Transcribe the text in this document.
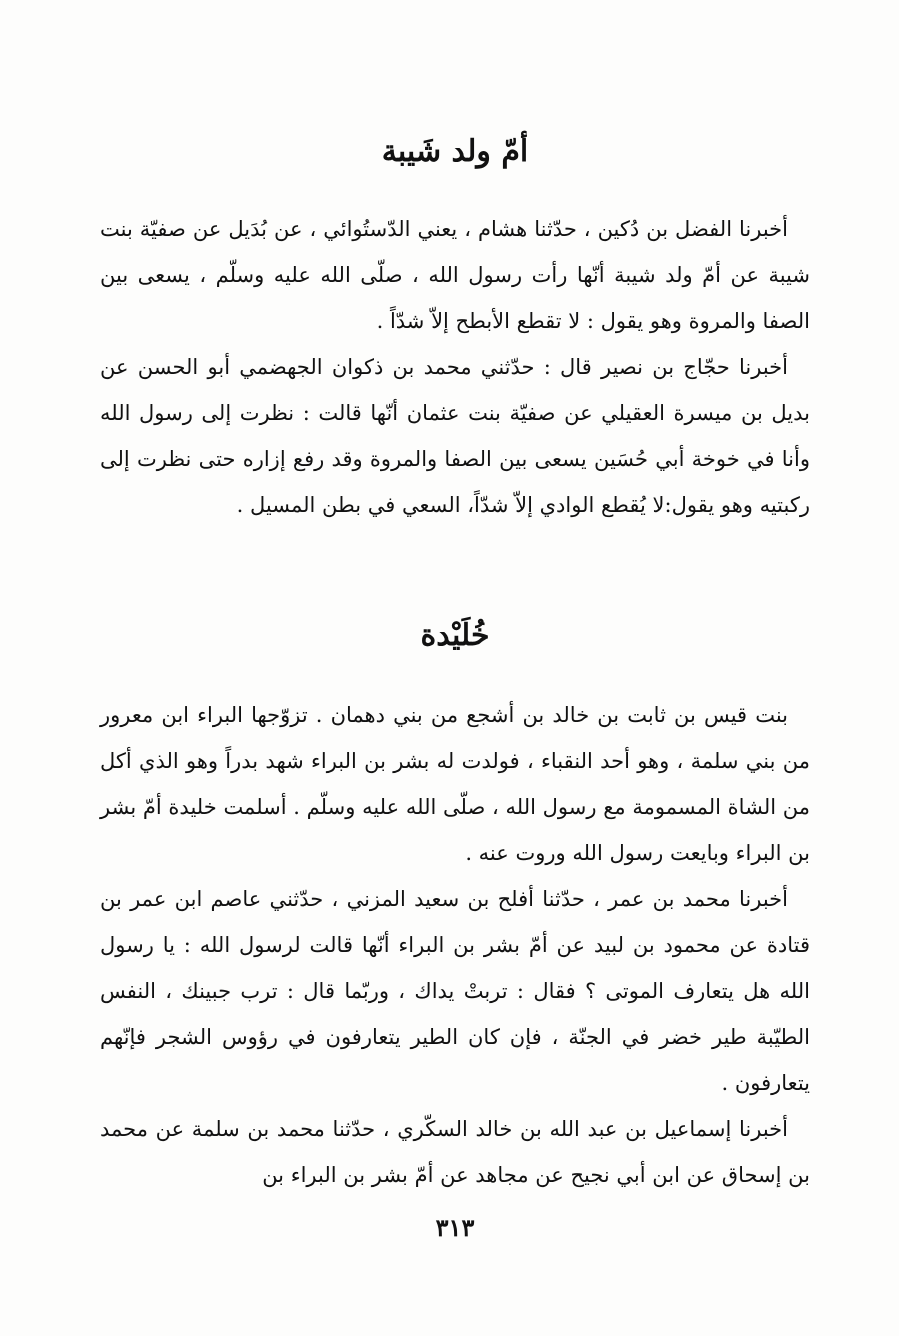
أمّ ولد شَيبة

أخبرنا الفضل بن دُكين ، حدّثنا هشام ، يعني الدّستُوائي ، عن بُدَيل عن صفيّة بنت شيبة عن أمّ ولد شيبة أنّها رأت رسول الله ، صلّى الله عليه وسلّم ، يسعى بين الصفا والمروة وهو يقول : لا تقطع الأبطح إلاّ شدّاً .

أخبرنا حجّاج بن نصير قال : حدّثني محمد بن ذكوان الجهضمي أبو الحسن عن بديل بن ميسرة العقيلي عن صفيّة بنت عثمان أنّها قالت : نظرت إلى رسول الله وأنا في خوخة أبي حُسَين يسعى بين الصفا والمروة وقد رفع إزاره حتى نظرت إلى ركبتيه وهو يقول:لا يُقطع الوادي إلاّ شدّاً، السعي في بطن المسيل .

خُلَيْدة

بنت قيس بن ثابت بن خالد بن أشجع من بني دهمان . تزوّجها البراء ابن معرور من بني سلمة ، وهو أحد النقباء ، فولدت له بشر بن البراء شهد بدراً وهو الذي أكل من الشاة المسمومة مع رسول الله ، صلّى الله عليه وسلّم . أسلمت خليدة أمّ بشر بن البراء وبايعت رسول الله وروت عنه .

أخبرنا محمد بن عمر ، حدّثنا أفلح بن سعيد المزني ، حدّثني عاصم ابن عمر بن قتادة عن محمود بن لبيد عن أمّ بشر بن البراء أنّها قالت لرسول الله : يا رسول الله هل يتعارف الموتى ؟ فقال : تربتْ يداك ، وربّما قال : ترب جبينك ، النفس الطيّبة طير خضر في الجنّة ، فإن كان الطير يتعارفون في رؤوس الشجر فإنّهم يتعارفون .

أخبرنا إسماعيل بن عبد الله بن خالد السكّري ، حدّثنا محمد بن سلمة عن محمد بن إسحاق عن ابن أبي نجيح عن مجاهد عن أمّ بشر بن البراء بن

٣١٣
